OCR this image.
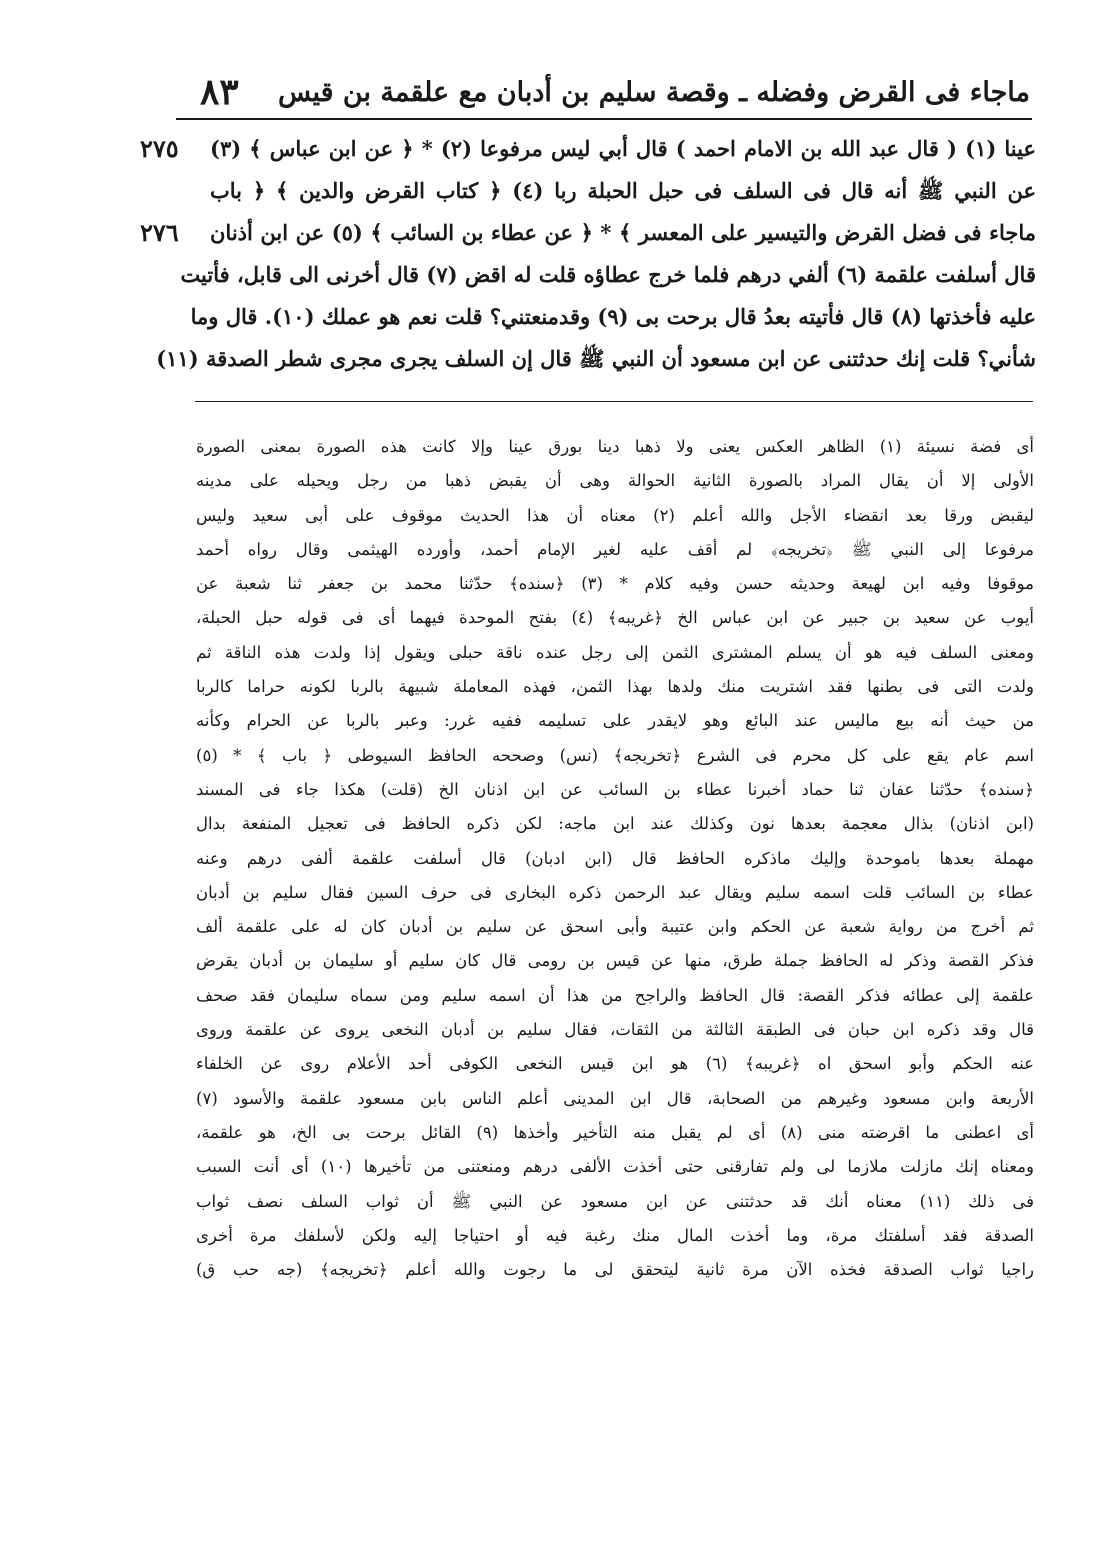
ماجاء فى القرض وفضله ـ وقصة سليم بن أدبان مع علقمة بن قيس
٨٣
عينا (١) ( قال عبد الله بن الامام احمد ) قال أبي ليس مرفوعا (٢) * ﴿ عن ابن عباس ﴾ (٣)
٢٧٥
عن النبي ﷺ أنه قال فى السلف فى حبل الحبلة ربا (٤) ﴿ كتاب القرض والدين ﴾ ﴿ باب
ماجاء فى فضل القرض والتيسير على المعسر ﴾ * ﴿ عن عطاء بن السائب ﴾ (٥) عن ابن أذنان
٢٧٦
قال أسلفت علقمة (٦) ألفي درهم فلما خرج عطاؤه قلت له اقض (٧) قال أخرنى الى قابل، فأتيت
عليه فأخذتها (٨) قال فأتيته بعدُ قال برحت بى (٩) وقدمنعتني؟ قلت نعم هو عملك (١٠). قال وما
شأني؟ قلت إنك حدثتنى عن ابن مسعود أن النبي ﷺ قال إن السلف يجرى مجرى شطر الصدقة (١١)
أى فضة نسيئة (١) الظاهر العكس يعنى ولا ذهبا دينا بورق عينا وإلا كانت هذه الصورة بمعنى الصورة
الأولى إلا أن يقال المراد بالصورة الثانية الحوالة وهى أن يقبض ذهبا من رجل ويحيله على مدينه
ليقبض ورقا بعد انقضاء الأجل والله أعلم (٢) معناه أن هذا الحديث موقوف على أبى سعيد وليس
مرفوعا إلى النبي ﷺ ﴿تخريجه﴾ لم أقف عليه لغير الإمام أحمد، وأورده الهيثمى وقال رواه أحمد
موقوفا وفيه ابن لهيعة وحديثه حسن وفيه كلام * (٣) ﴿سنده﴾ حدّثنا محمد بن جعفر ثنا شعبة عن
أيوب عن سعيد بن جبير عن ابن عباس الخ ﴿غريبه﴾ (٤) بفتح الموحدة فيهما أى فى قوله حبل الحبلة،
ومعنى السلف فيه هو أن يسلم المشترى الثمن إلى رجل عنده ناقة حبلى ويقول إذا ولدت هذه الناقة ثم
ولدت التى فى بطنها فقد اشتريت منك ولدها بهذا الثمن، فهذه المعاملة شبيهة بالربا لكونه حراما كالربا
من حيث أنه بيع ماليس عند البائع وهو لايقدر على تسليمه ففيه غرر: وعبر بالربا عن الحرام وكأنه
اسم عام يقع على كل محرم فى الشرع ﴿تخريجه﴾ (نس) وصححه الحافظ السيوطى ﴿ باب ﴾ * (٥)
﴿سنده﴾ حدّثنا عفان ثنا حماد أخبرنا عطاء بن السائب عن ابن اذنان الخ (قلت) هكذا جاء فى المسند
(ابن اذنان) بذال معجمة بعدها نون وكذلك عند ابن ماجه: لكن ذكره الحافظ فى تعجيل المنفعة بدال
مهملة بعدها باموحدة وإليك ماذكره الحافظ قال (ابن ادبان) قال أسلفت علقمة ألفى درهم وعنه
عطاء بن السائب قلت اسمه سليم ويقال عبد الرحمن ذكره البخارى فى حرف السين فقال سليم بن أدبان
ثم أخرج من رواية شعبة عن الحكم وابن عتيبة وأبى اسحق عن سليم بن أدبان كان له على علقمة ألف
فذكر القصة وذكر له الحافظ جملة طرق، منها عن قيس بن رومى قال كان سليم أو سليمان بن أدبان يقرض
علقمة إلى عطائه فذكر القصة: قال الحافظ والراجح من هذا أن اسمه سليم ومن سماه سليمان فقد صحف
قال وقد ذكره ابن حبان فى الطبقة الثالثة من الثقات، فقال سليم بن أدبان النخعى يروى عن علقمة وروى
عنه الحكم وأبو اسحق اه ﴿غريبه﴾ (٦) هو ابن قيس النخعى الكوفى أحد الأعلام روى عن الخلفاء
الأربعة وابن مسعود وغيرهم من الصحابة، قال ابن المدينى أعلم الناس بابن مسعود علقمة والأسود (٧)
أى اعطنى ما اقرضته منى (٨) أى لم يقبل منه التأخير وأخذها (٩) القائل برحت بى الخ، هو علقمة،
ومعناه إنك مازلت ملازما لى ولم تفارقنى حتى أخذت الألفى درهم ومنعتنى من تأخيرها (١٠) أى أنت السبب
فى ذلك (١١) معناه أنك قد حدثتنى عن ابن مسعود عن النبي ﷺ أن ثواب السلف نصف ثواب
الصدقة فقد أسلفتك مرة، وما أخذت المال منك رغبة فيه أو احتياجا إليه ولكن لأسلفك مرة أخرى
راجيا ثواب الصدقة فخذه الآن مرة ثانية ليتحقق لى ما رجوت والله أعلم ﴿تخريجه﴾ (جه حب ق)
